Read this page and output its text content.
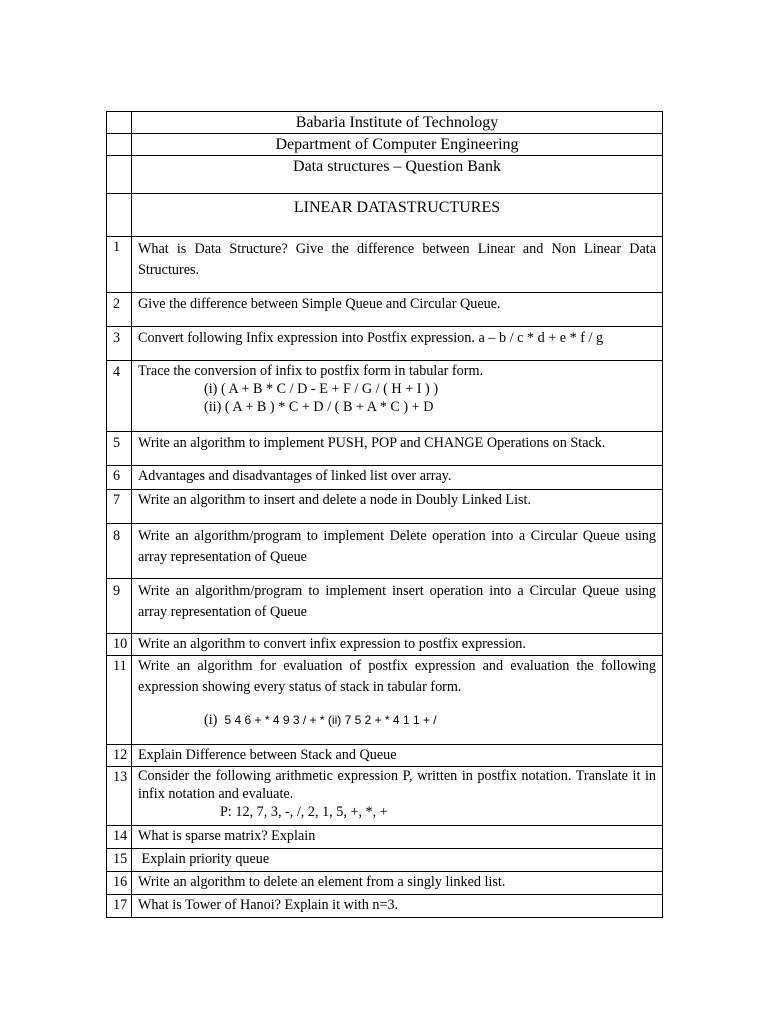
	Babaria Institute of Technology
	Department of Computer Engineering
	Data structures – Question Bank
	LINEAR DATASTRUCTURES
1	What is Data Structure? Give the difference between Linear and Non Linear Data Structures.
2	Give the difference between Simple Queue and Circular Queue.
3	Convert following Infix expression into Postfix expression. a – b / c * d + e * f / g
4	Trace the conversion of infix to postfix form in tabular form.
(i) ( A + B * C / D - E + F / G / ( H + I ) )
(ii) ( A + B ) * C + D / ( B + A * C ) + D

5	Write an algorithm to implement PUSH, POP and CHANGE Operations on Stack.
6	Advantages and disadvantages of linked list over array.
7	Write an algorithm to insert and delete a node in Doubly Linked List.
8	Write an algorithm/program to implement Delete operation into a Circular Queue using array representation of Queue
9	Write an algorithm/program to implement insert operation into a Circular Queue using array representation of Queue
10	Write an algorithm to convert infix expression to postfix expression.
11	Write an algorithm for evaluation of postfix expression and evaluation the following expression showing every status of stack in tabular form.
(i) 5 4 6 + * 4 9 3 / + * (ii) 7 5 2 + * 4 1 1 + /

12	Explain Difference between Stack and Queue
13	Consider the following arithmetic expression P, written in postfix notation. Translate it in infix notation and evaluate.
P: 12, 7, 3, -, /, 2, 1, 5, +, *, +

14	What is sparse matrix? Explain
15	Explain priority queue
16	Write an algorithm to delete an element from a singly linked list.
17	What is Tower of Hanoi? Explain it with n=3.
